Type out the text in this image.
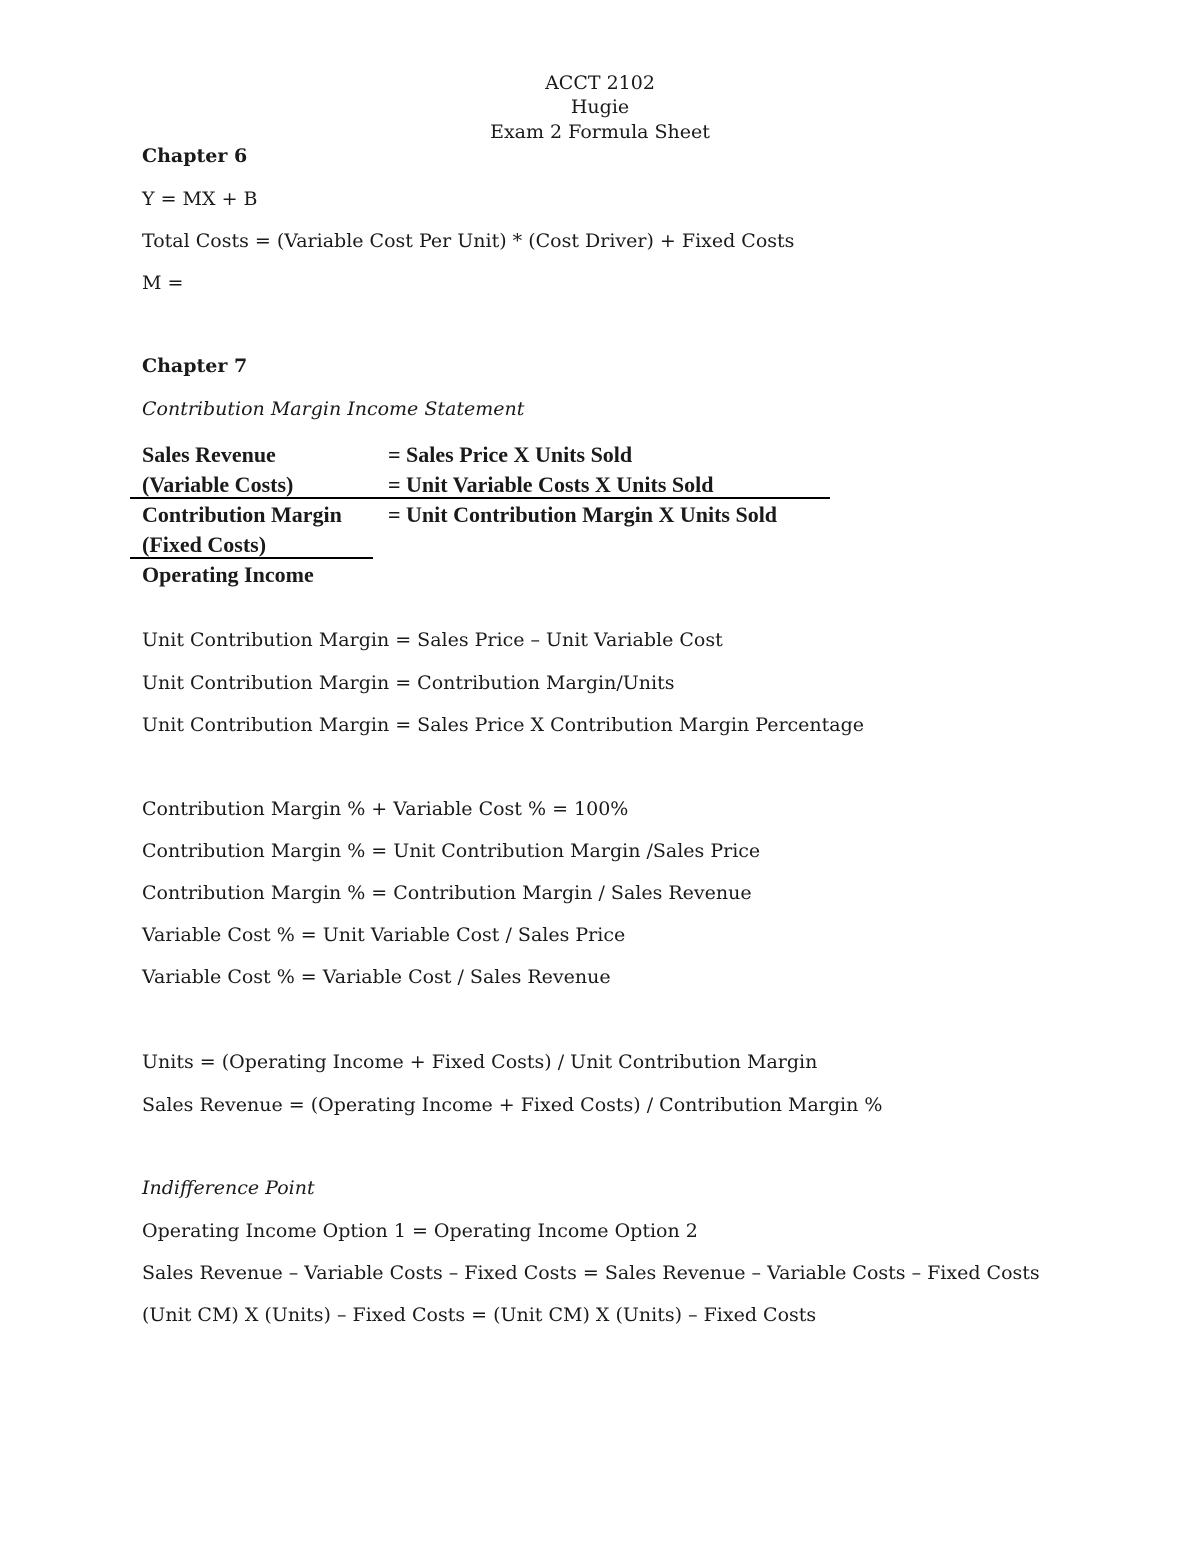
ACCT 2102
Hugie
Exam 2 Formula Sheet
Chapter 6
Y = MX + B
Total Costs = (Variable Cost Per Unit) * (Cost Driver) + Fixed Costs
M =
Chapter 7
Contribution Margin Income Statement
Sales Revenue
(Variable Costs)
Contribution Margin
(Fixed Costs)
Operating Income
= Sales Price X Units Sold
= Unit Variable Costs X Units Sold
= Unit Contribution Margin X Units Sold
Unit Contribution Margin = Sales Price – Unit Variable Cost
Unit Contribution Margin = Contribution Margin/Units
Unit Contribution Margin = Sales Price X Contribution Margin Percentage
Contribution Margin % + Variable Cost % = 100%
Contribution Margin % = Unit Contribution Margin /Sales Price
Contribution Margin % = Contribution Margin / Sales Revenue
Variable Cost % = Unit Variable Cost / Sales Price
Variable Cost % = Variable Cost / Sales Revenue
Units = (Operating Income + Fixed Costs) / Unit Contribution Margin
Sales Revenue = (Operating Income + Fixed Costs) / Contribution Margin %
Indifference Point
Operating Income Option 1 = Operating Income Option 2
Sales Revenue – Variable Costs – Fixed Costs = Sales Revenue – Variable Costs – Fixed Costs
(Unit CM) X (Units) – Fixed Costs = (Unit CM) X (Units) – Fixed Costs
